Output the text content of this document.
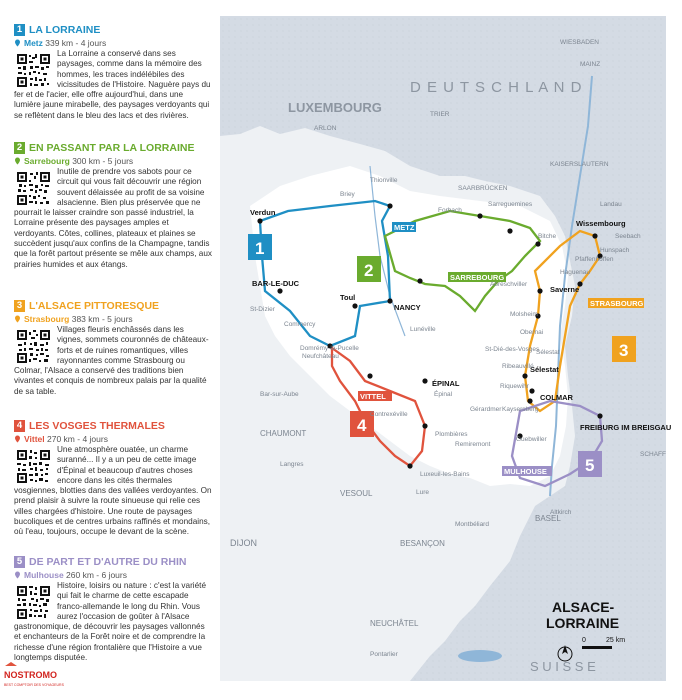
1 LA LORRAINE
Metz 339 km - 4 jours
La Lorraine a conservé dans ses paysages, comme dans la mémoire des hommes, les traces indélébiles des vicissitudes de l'Histoire. Naguère pays du fer et de l'acier, elle offre aujourd'hui, dans une lumière jaune mirabelle, des paysages verdoyants qui se reflètent dans le bleu des lacs et des rivières.
2 EN PASSANT PAR LA LORRAINE
Sarrebourg 300 km - 5 jours
Inutile de prendre vos sabots pour ce circuit qui vous fait découvrir une région souvent délaissée au profit de sa voisine alsacienne. Bien plus préservée que ne pourrait le laisser craindre son passé industriel, la Lorraine présente des paysages amples et verdoyants. Côtes, collines, plateaux et plaines se succèdent jusqu'aux confins de la Champagne, tandis que la forêt partout présente se mêle aux champs, aux prairies humides et aux étangs.
3 L'ALSACE PITTORESQUE
Strasbourg 383 km - 5 jours
Villages fleuris enchâssés dans les vignes, sommets couronnés de châteaux-forts et de ruines romantiques, villes rayonnantes comme Strasbourg ou Colmar, l'Alsace a conservé des traditions bien vivantes et conquis de nombreux palais par la qualité de sa table.
4 LES VOSGES THERMALES
Vittel 270 km - 4 jours
Une atmosphère ouatée, un charme suranné... Il y a un peu de cette image d'Épinal et beaucoup d'autres choses encore dans les cités thermales vosgiennes, blotties dans des vallées verdoyantes. On prend plaisir à suivre la route sinueuse qui relie ces villes chargées d'histoire. Une route de paysages bucoliques et de centres urbains raffinés et mondains, où l'eau, toujours, occupe le devant de la scène.
5 DE PART ET D'AUTRE DU RHIN
Mulhouse 260 km - 6 jours
Histoire, loisirs ou nature : c'est la variété qui fait le charme de cette escapade franco-allemande le long du Rhin. Vous aurez l'occasion de goûter à l'Alsace gastronomique, de découvrir les paysages vallonnés et enchanteurs de la Forêt noire et de comprendre la richesse d'une région frontalière que l'Histoire a vue longtemps disputée.
D E U T S C H L A N D
LUXEMBOURG
S U I S S E
Verdun
BAR-LE-DUC
Toul
NANCY
Wissembourg
Saverne
Sélestat
COLMAR
ÉPINAL
FREIBURG IM BREISGAU
METZ
SARREBOURG
STRASBOURG
VITTEL
MULHOUSE
1
2
3
4
5
WIESBADEN
MAINZ
TRIER
ARLON
SAARBRÜCKEN
Thionville
Briey
Forbach
KAISERSLAUTERN
Bitche
Landau
Haguenau
Lunéville
St-Dié-des-Vosges
Molsheim
Obernai
Remiremont
Gérardmer
Pfaffenhoffen
CHAUMONT
VESOUL
DIJON	BESANÇON
Montbéliard
St-Dizier
Neufchâteau
Commercy
Lure
Luxeuil-les-Bains
Altkirch
Ribeauvillé
Kaysersberg
Riquewihr
Sélestat
Guebwiller
Épinal
Seebach
Hunspach
Sarreguemines
Abreschviller
Domrémy-la-Pucelle
NEUCHÂTEL
BASEL
Contrexéville
Plombières
SCHAFF
Bar-sur-Aube
Langres
Pontarlier
ALSACE-
LORRAINE
0	25 km
NOSTROMO
BEST COMPTOIR DES VOYAGEURS
